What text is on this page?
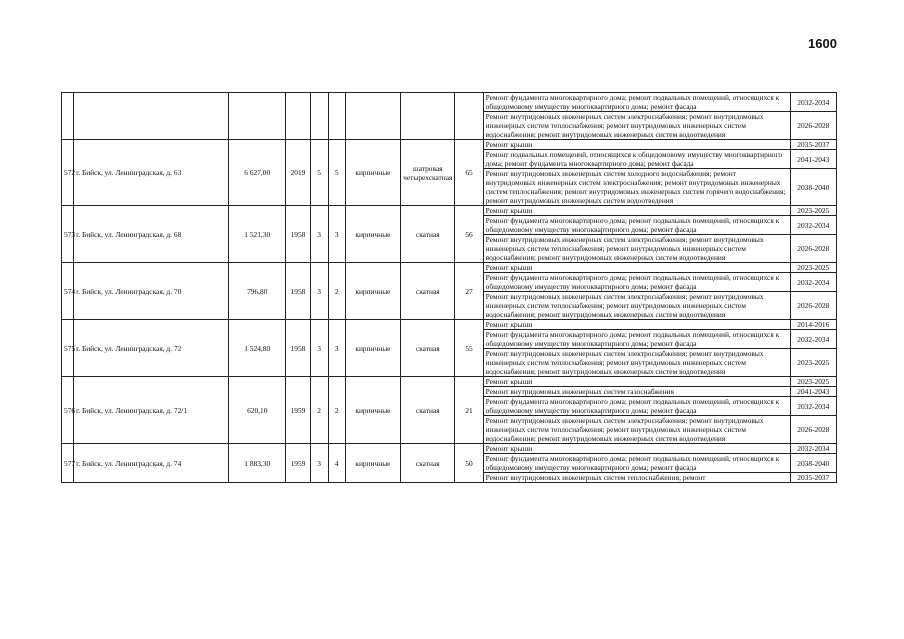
1600
									Ремонт фундамента многоквартирного дома; ремонт подвальных помещений, относящихся к общедомовому имуществу многоквартирного дома; ремонт фасада	2032-2034
									Ремонт внутридомовых инженерных систем электроснабжения; ремонт внутридомовых инженерных систем теплоснабжения; ремонт внутридомовых инженерных систем водоснабжения; ремонт внутридомовых инженерных систем водоотведения	2026-2028
572	г. Бийск, ул. Ленинградская, д. 63	6 627,00	2019	5	5	кирпичные	шатровая четырехскатная	65	Ремонт крыши	2035-2037
									Ремонт подвальных помещений, относящихся к общедомовому имуществу многоквартирного дома; ремонт фундамента многоквартирного дома; ремонт фасада	2041-2043
									Ремонт внутридомовых инженерных систем холодного водоснабжения; ремонт внутридомовых инженерных систем электроснабжения; ремонт внутридомовых инженерных систем теплоснабжения; ремонт внутридомовых инженерных систем горячего водоснабжения; ремонт внутридомовых инженерных систем водоотведения	2038-2040
573	г. Бийск, ул. Ленинградская, д. 68	1 521,30	1958	3	3	кирпичные	скатная	56	Ремонт крыши	2023-2025
									Ремонт фундамента многоквартирного дома; ремонт подвальных помещений, относящихся к общедомовому имуществу многоквартирного дома; ремонт фасада	2032-2034
									Ремонт внутридомовых инженерных систем электроснабжения; ремонт внутридомовых инженерных систем теплоснабжения; ремонт внутридомовых инженерных систем водоснабжения; ремонт внутридомовых инженерных систем водоотведения	2026-2028
574	г. Бийск, ул. Ленинградская, д. 70	796,80	1958	3	2	кирпичные	скатная	27	Ремонт крыши	2023-2025
									Ремонт фундамента многоквартирного дома; ремонт подвальных помещений, относящихся к общедомовому имуществу многоквартирного дома; ремонт фасада	2032-2034
									Ремонт внутридомовых инженерных систем электроснабжения; ремонт внутридомовых инженерных систем теплоснабжения; ремонт внутридомовых инженерных систем водоснабжения; ремонт внутридомовых инженерных систем водоотведения	2026-2028
575	г. Бийск, ул. Ленинградская, д. 72	1 524,80	1958	3	3	кирпичные	скатная	55	Ремонт крыши	2014-2016
									Ремонт фундамента многоквартирного дома; ремонт подвальных помещений, относящихся к общедомовому имуществу многоквартирного дома; ремонт фасада	2032-2034
									Ремонт внутридомовых инженерных систем электроснабжения; ремонт внутридомовых инженерных систем теплоснабжения; ремонт внутридомовых инженерных систем водоснабжения; ремонт внутридомовых инженерных систем водоотведения	2023-2025
576	г. Бийск, ул. Ленинградская, д. 72/1	620,10	1959	2	2	кирпичные	скатная	21	Ремонт крыши	2023-2025
									Ремонт внутридомовых инженерных систем газоснабжения	2041-2043
									Ремонт фундамента многоквартирного дома; ремонт подвальных помещений, относящихся к общедомовому имуществу многоквартирного дома; ремонт фасада	2032-2034
									Ремонт внутридомовых инженерных систем электроснабжения; ремонт внутридомовых инженерных систем теплоснабжения; ремонт внутридомовых инженерных систем водоснабжения; ремонт внутридомовых инженерных систем водоотведения	2026-2028
577	г. Бийск, ул. Ленинградская, д. 74	1 883,30	1959	3	4	кирпичные	скатная	50	Ремонт крыши	2032-2034
									Ремонт фундамента многоквартирного дома; ремонт подвальных помещений, относящихся к общедомовому имуществу многоквартирного дома; ремонт фасада	2038-2040
									Ремонт внутридомовых инженерных систем теплоснабжения; ремонт	2035-2037
